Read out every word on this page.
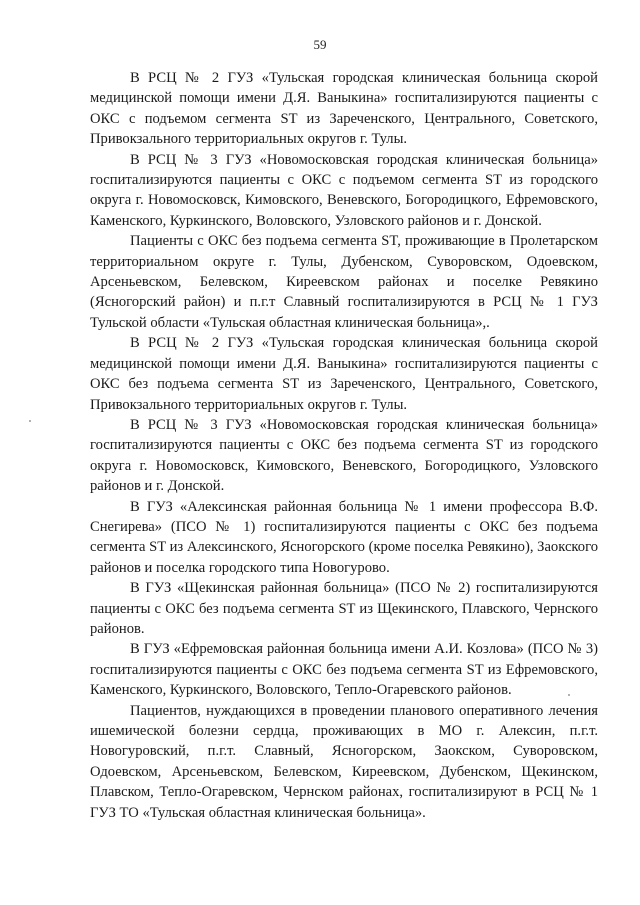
59

В РСЦ № 2 ГУЗ «Тульская городская клиническая больница скорой медицинской помощи имени Д.Я. Ваныкина» госпитализируются пациенты с ОКС с подъемом сегмента ST из Зареченского, Центрального, Советского, Привокзального территориальных округов г. Тулы.

В РСЦ № 3 ГУЗ «Новомосковская городская клиническая больница» госпитализируются пациенты с ОКС с подъемом сегмента ST из городского округа г. Новомосковск, Кимовского, Веневского, Богородицкого, Ефремовского, Каменского, Куркинского, Воловского, Узловского районов и г. Донской.

Пациенты с ОКС без подъема сегмента ST, проживающие в Пролетарском территориальном округе г. Тулы, Дубенском, Суворовском, Одоевском, Арсеньевском, Белевском, Киреевском районах и поселке Ревякино (Ясногорский район) и п.г.т Славный госпитализируются в РСЦ № 1 ГУЗ Тульской области «Тульская областная клиническая больница»,.

В РСЦ № 2 ГУЗ «Тульская городская клиническая больница скорой медицинской помощи имени Д.Я. Ваныкина» госпитализируются пациенты с ОКС без подъема сегмента ST из Зареченского, Центрального, Советского, Привокзального территориальных округов г. Тулы.

В РСЦ № 3 ГУЗ «Новомосковская городская клиническая больница» госпитализируются пациенты с ОКС без подъема сегмента ST из городского округа г. Новомосковск, Кимовского, Веневского, Богородицкого, Узловского районов и г. Донской.

В ГУЗ «Алексинская районная больница № 1 имени профессора В.Ф. Снегирева» (ПСО № 1) госпитализируются пациенты с ОКС без подъема сегмента ST из Алексинского, Ясногорского (кроме поселка Ревякино), Заокского районов и поселка городского типа Новогурово.

В ГУЗ «Щекинская районная больница» (ПСО № 2) госпитализируются пациенты с ОКС без подъема сегмента ST из Щекинского, Плавского, Чернского районов.

В ГУЗ «Ефремовская районная больница имени А.И. Козлова» (ПСО № 3) госпитализируются пациенты с ОКС без подъема сегмента ST из Ефремовского, Каменского, Куркинского, Воловского, Тепло-Огаревского районов.

Пациентов, нуждающихся в проведении планового оперативного лечения ишемической болезни сердца, проживающих в МО г. Алексин, п.г.т. Новогуровский, п.г.т. Славный, Ясногорском, Заокском, Суворовском, Одоевском, Арсеньевском, Белевском, Киреевском, Дубенском, Щекинском, Плавском, Тепло-Огаревском, Чернском районах, госпитализируют в РСЦ № 1 ГУЗ ТО «Тульская областная клиническая больница».
